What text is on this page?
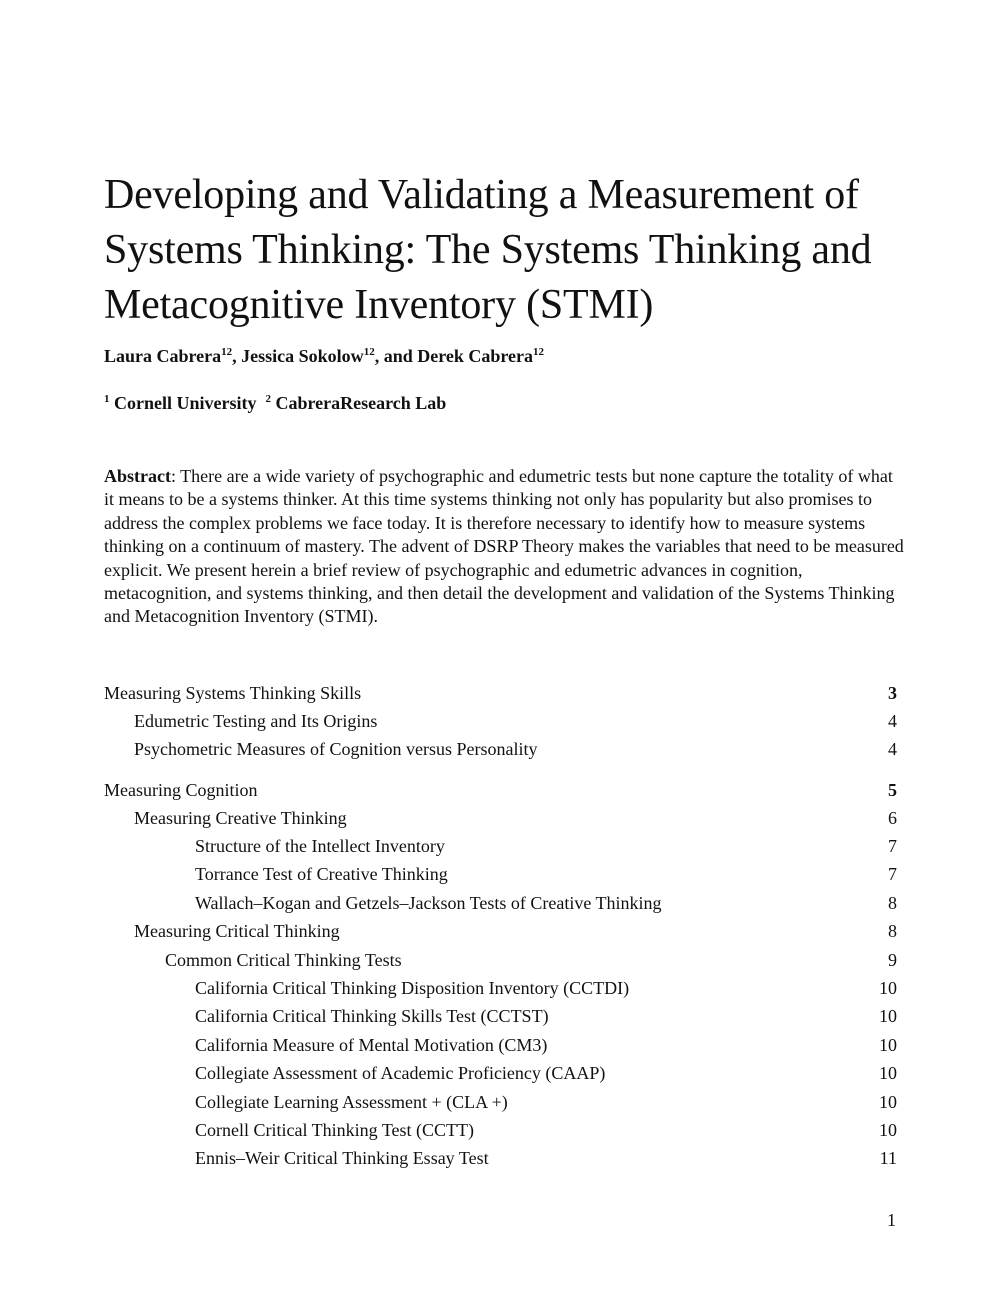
Developing and Validating a Measurement of Systems Thinking: The Systems Thinking and Metacognitive Inventory (STMI)
Laura Cabrera$^{12}$, Jessica Sokolow$^{12}$, and Derek Cabrera$^{12}$
$^1$ Cornell University $^2$ CabreraResearch Lab

Abstract: There are a wide variety of psychographic and edumetric tests but none capture the totality of what it means to be a systems thinker. At this time systems thinking not only has popularity but also promises to address the complex problems we face today. It is therefore necessary to identify how to measure systems thinking on a continuum of mastery. The advent of DSRP Theory makes the variables that need to be measured explicit. We present herein a brief review of psychographic and edumetric advances in cognition, metacognition, and systems thinking, and then detail the development and validation of the Systems Thinking and Metacognition Inventory (STMI).

Measuring Systems Thinking Skills	3
Edumetric Testing and Its Origins	4
Psychometric Measures of Cognition versus Personality	4
Measuring Cognition	5
Measuring Creative Thinking	6
Structure of the Intellect Inventory	7
Torrance Test of Creative Thinking	7
Wallach–Kogan and Getzels–Jackson Tests of Creative Thinking	8
Measuring Critical Thinking	8
Common Critical Thinking Tests	9
California Critical Thinking Disposition Inventory (CCTDI)	10
California Critical Thinking Skills Test (CCTST)	10
California Measure of Mental Motivation (CM3)	10
Collegiate Assessment of Academic Proficiency (CAAP)	10
Collegiate Learning Assessment + (CLA +)	10
Cornell Critical Thinking Test (CCTT)	10
Ennis–Weir Critical Thinking Essay Test	11
1
